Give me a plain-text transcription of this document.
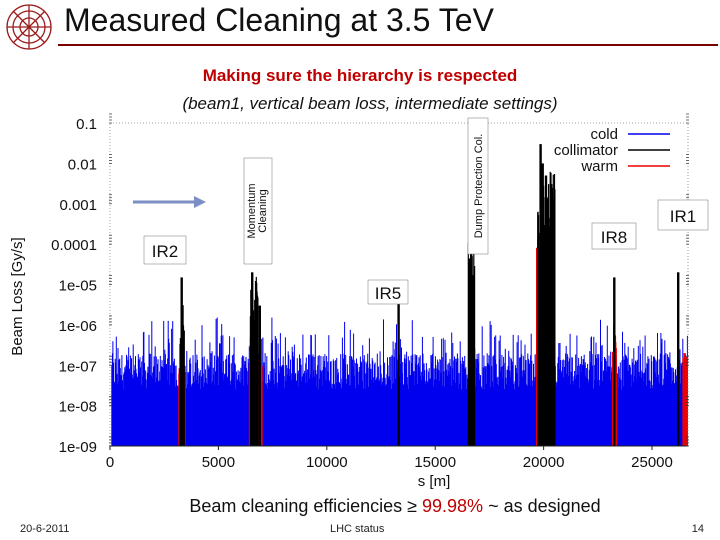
Measured Cleaning at 3.5 TeV
Making sure the hierarchy is respected
(beam1, vertical beam loss, intermediate settings)
0.1
0.01
0.001
0.0001
1e-05
1e-06
1e-07
1e-08
1e-09
0	5000	10000	15000	20000	25000
s [m]
Beam Loss [Gy/s]
cold
collimator
warm
IR2
Momentum Cleaning	Dump Protection Col.	IR8
IR1
IR5
Beam cleaning efficiencies ≥ 99.98% ~ as designed
20-6-2011	LHC status	14
